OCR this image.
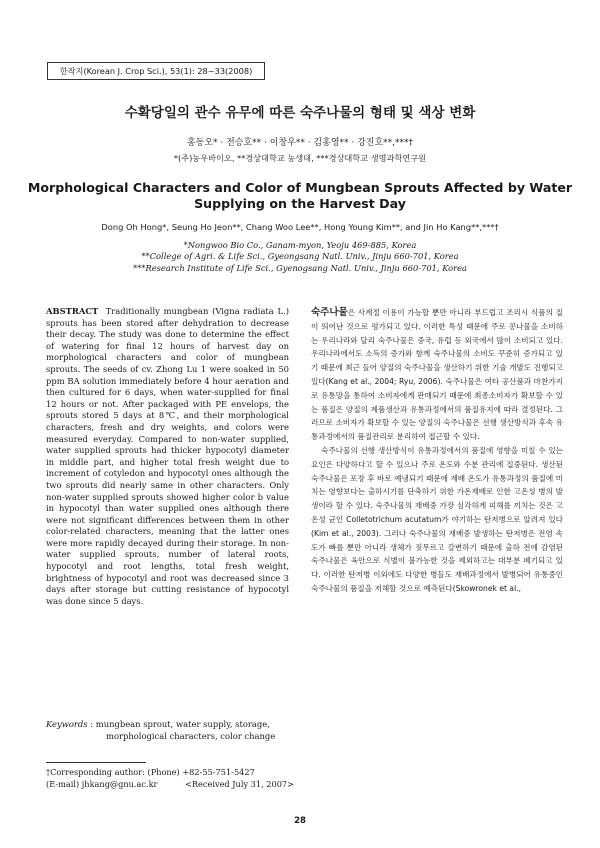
한작지(Korean J. Crop Sci.), 53(1): 28~33(2008)
수확당일의 관수 유무에 따른 숙주나물의 형태 및 색상 변화
홍동오* · 전승호** · 이창우** · 김홍영** · 강진호**,***†
*(주)농우바이오, **경상대학교 농생대, ***경상대학교 생명과학연구원
Morphological Characters and Color of Mungbean Sprouts Affected by Water Supplying on the Harvest Day
Dong Oh Hong*, Seung Ho Jeon**, Chang Woo Lee**, Hong Young Kim**, and Jin Ho Kang**,***†
*Nongwoo Bio Co., Ganam-myon, Yeoju 469-885, Korea
**College of Agri. & Life Sci., Gyeongsang Natl. Univ., Jinju 660-701, Korea
***Research Institute of Life Sci., Gyenogsang Natl. Univ., Jinju 660-701, Korea

ABSTRACT Traditionally mungbean (Vigna radiata L.) sprouts has been stored after dehydration to decrease their decay. The study was done to determine the effect of watering for final 12 hours of harvest day on morphological characters and color of mungbean sprouts. The seeds of cv. Zhong Lu 1 were soaked in 50 ppm BA solution immediately before 4 hour aeration and then cultured for 6 days, when water-supplied for final 12 hours or not. After packaged with PE envelops, the sprouts stored 5 days at 8℃, and their morphological characters, fresh and dry weights, and colors were measured everyday. Compared to non-water supplied, water supplied sprouts had thicker hypocotyl diameter in middle part, and higher total fresh weight due to increment of cotyledon and hypocotyl ones although the two sprouts did nearly same in other characters. Only non-water supplied sprouts showed higher color b value in hypocotyl than water supplied ones although there were not significant differences between them in other color-related characters, meaning that the latter ones were more rapidly decayed during their storage. In non-water supplied sprouts, number of lateral roots, hypocotyl and root lengths, total fresh weight, brightness of hypocotyl and root was decreased since 3 days after storage but cutting resistance of hypocotyl was done since 5 days.

Keywords : mungbean sprout, water supply, storage,
morphological characters, color change
†Corresponding author: (Phone) +82-55-751-5427
(E-mail) jhkang@gnu.ac.kr	<Received July 31, 2007>

숙주나물은 사계절 이용이 가능할 뿐만 아니라 부드럽고 조리시 식품의 질이 띄어난 것으로 평가되고 있다. 이러한 특성 때문에 주로 콩나물을 소비하는 우리나라와 달리 숙주나물은 중국, 유럽 등 외국에서 많이 소비되고 있다. 우리나라에서도 소득의 증가와 함께 숙주나물의 소비도 꾸준히 증가되고 있기 때문에 최근 들어 양질의 숙주나물을 생산하기 위한 기술 개발도 진행되고 있다(Kang et al., 2004; Ryu, 2006). 숙주나물은 여타 공산품과 마찬가지로 유통망을 통하여 소비자에게 판매되기 때문에 최종소비자가 확보할 수 있는 품질은 양질의 제품생산과 유통과정에서의 품질유지에 따라 결정된다. 그러므로 소비자가 확보할 수 있는 양질의 숙주나물은 선행 생산방식과 후속 유통과정에서의 품질관리로 분리하여 접근할 수 있다.

숙주나물의 선행 생산방식이 유통과정에서의 품질에 영향을 미칠 수 있는 요인은 다양하다고 할 수 있으나 주로 온도와 수분 관리에 집중된다. 생산된 숙주나물은 포장 후 바로 예냉되기 때문에 재배 온도가 유통과정의 품질에 미치는 영향보다는 출하시기를 단축하기 위한 가온재배로 인한 고온성 병의 발생이라 할 수 있다. 숙주나물의 재배중 가장 심각하게 피해를 끼치는 것은 고온성 균인 Colletotrichum acutatum가 야기하는 탄저병으로 알려져 있다(Kim et al., 2003). 그러나 숙주나물의 재배중 발생하는 탄저병은 전염 속도가 빠를 뿐만 아니라 생체가 짓무르고 갈변하기 때문에 출하 전에 감염된 숙주나물은 육안으로 식별이 불가능한 것을 제외하고는 대부분 폐기되고 있다. 이러한 탄저병 이외에도 다양한 병들도 재배과정에서 발병되어 유통중인 숙주나물의 품질을 저해할 것으로 예측된다(Skowronek et al.,

28
